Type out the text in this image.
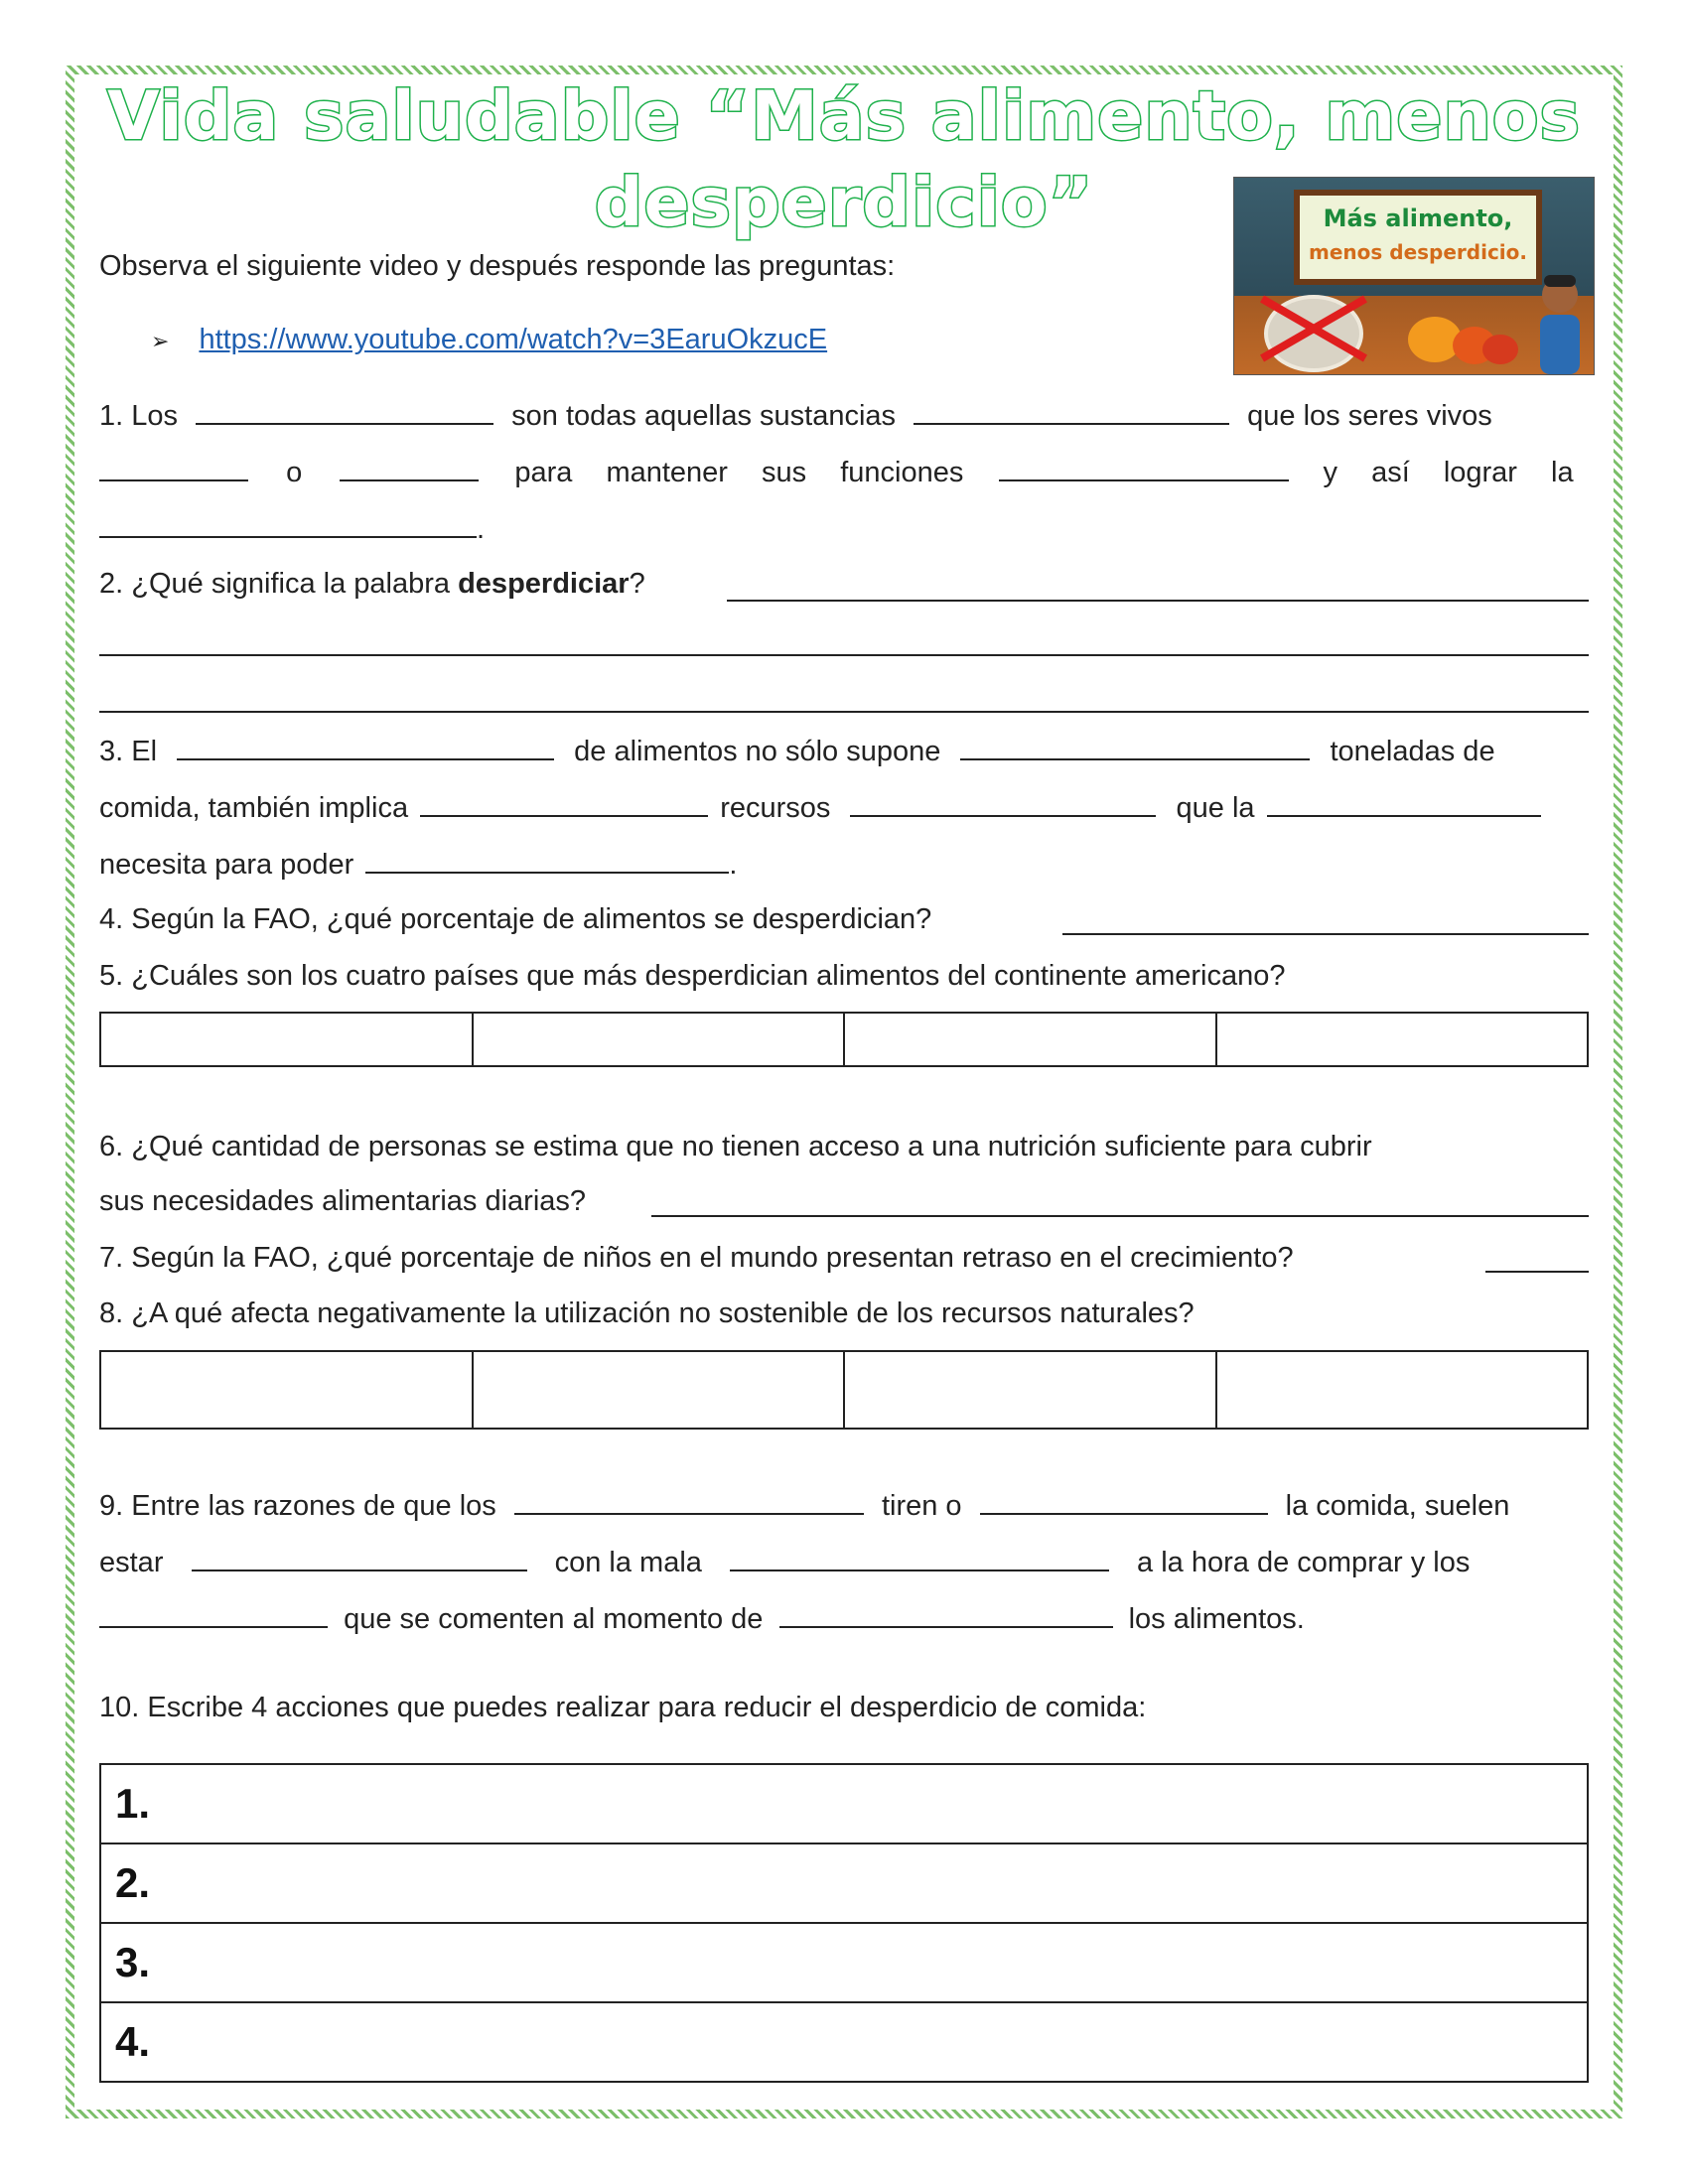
Vida saludable “Más alimento, menos
desperdicio”	Más alimento,
menos desperdicio.
Observa el siguiente video y después responde las preguntas:
➢ https://www.youtube.com/watch?v=3EaruOkzucE
1. Los	son todas aquellas sustancias	que los seres vivos
o	para mantener sus funciones	y así lograr la
.
2. ¿Qué significa la palabra desperdiciar?
3. El	de alimentos no sólo supone	toneladas de
comida, también implica	recursos	que la
necesita para poder	.
4. Según la FAO, ¿qué porcentaje de alimentos se desperdician?
5. ¿Cuáles son los cuatro países que más desperdician alimentos del continente americano?

6. ¿Qué cantidad de personas se estima que no tienen acceso a una nutrición suficiente para cubrir
sus necesidades alimentarias diarias?
7. Según la FAO, ¿qué porcentaje de niños en el mundo presentan retraso en el crecimiento?
8. ¿A qué afecta negativamente la utilización no sostenible de los recursos naturales?

9. Entre las razones de que los	tiren o	la comida, suelen
estar	con la mala	a la hora de comprar y los
que se comenten al momento de	los alimentos.
10. Escribe 4 acciones que puedes realizar para reducir el desperdicio de comida:
1.
2.
3.
4.
